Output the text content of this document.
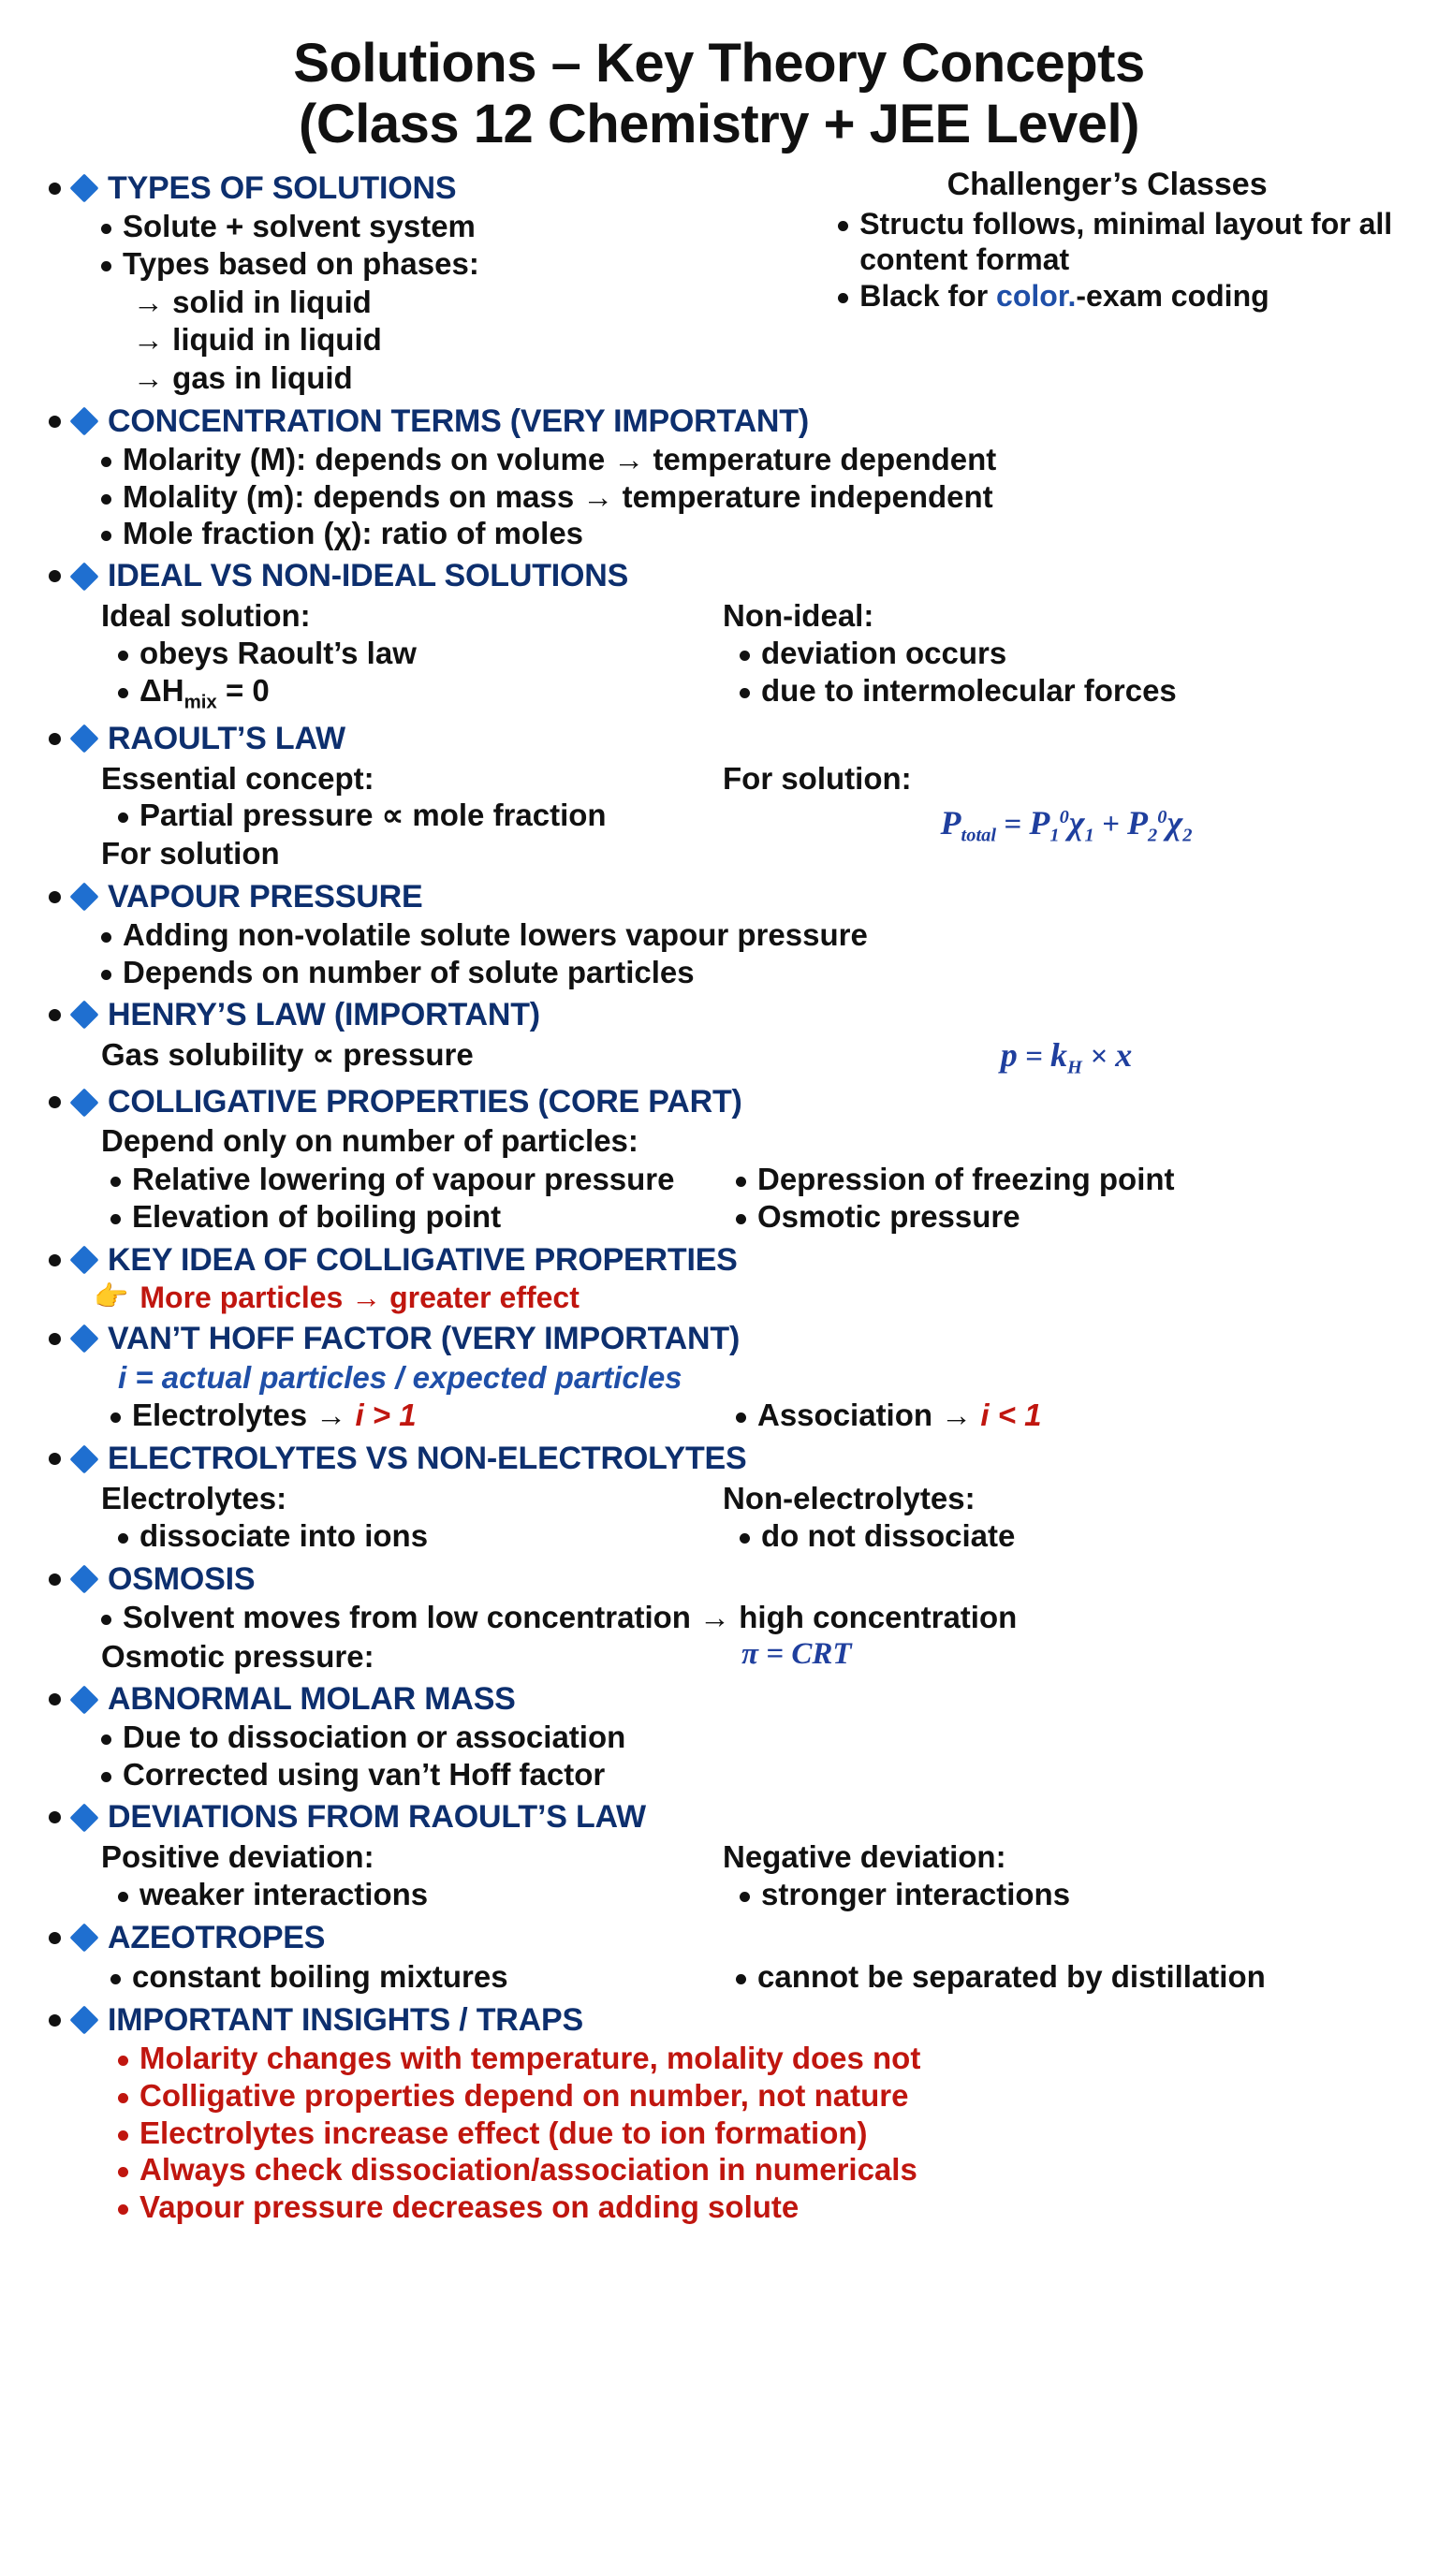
Solutions – Key Theory Concepts
(Class 12 Chemistry + JEE Level)
TYPES OF SOLUTIONS
Solute + solvent system
Types based on phases:
→ solid in liquid
→ liquid in liquid
→ gas in liquid
Challenger’s Classes
Structu follows, minimal layout for all content format
Black for color.-exam coding
CONCENTRATION TERMS (VERY IMPORTANT)
Molarity (M): depends on volume → temperature dependent
Molality (m): depends on mass → temperature independent
Mole fraction (χ): ratio of moles
IDEAL VS NON-IDEAL SOLUTIONS
Ideal solution:
obeys Raoult’s law
$\Delta H_{mix} = 0$
Non-ideal:
deviation occurs
due to intermolecular forces
RAOULT’S LAW
Essential concept:
Partial pressure ∝ mole fraction
For solution
For solution:
$P_{total} = P_1^0\chi_1 + P_2^0\chi_2$
VAPOUR PRESSURE
Adding non-volatile solute lowers vapour pressure
Depends on number of solute particles
HENRY’S LAW (IMPORTANT)
Gas solubility ∝ pressure	$p = k_H \times x$
COLLIGATIVE PROPERTIES (CORE PART)
Depend only on number of particles:
Relative lowering of vapour pressure
Elevation of boiling point
Depression of freezing point
Osmotic pressure
KEY IDEA OF COLLIGATIVE PROPERTIES
👉 More particles → greater effect
VAN’T HOFF FACTOR (VERY IMPORTANT)
i = actual particles / expected particles
Electrolytes → i > 1	Association → i < 1
ELECTROLYTES VS NON-ELECTROLYTES
Electrolytes:
dissociate into ions
Non-electrolytes:
do not dissociate
OSMOSIS
Solvent moves from low concentration → high concentration
Osmotic pressure:	π = CRT
ABNORMAL MOLAR MASS
Due to dissociation or association
Corrected using van’t Hoff factor
DEVIATIONS FROM RAOULT’S LAW
Positive deviation:
weaker interactions
Negative deviation:
stronger interactions
AZEOTROPES
constant boiling mixtures	cannot be separated by distillation
IMPORTANT INSIGHTS / TRAPS
Molarity changes with temperature, molality does not
Colligative properties depend on number, not nature
Electrolytes increase effect (due to ion formation)
Always check dissociation/association in numericals
Vapour pressure decreases on adding solute
